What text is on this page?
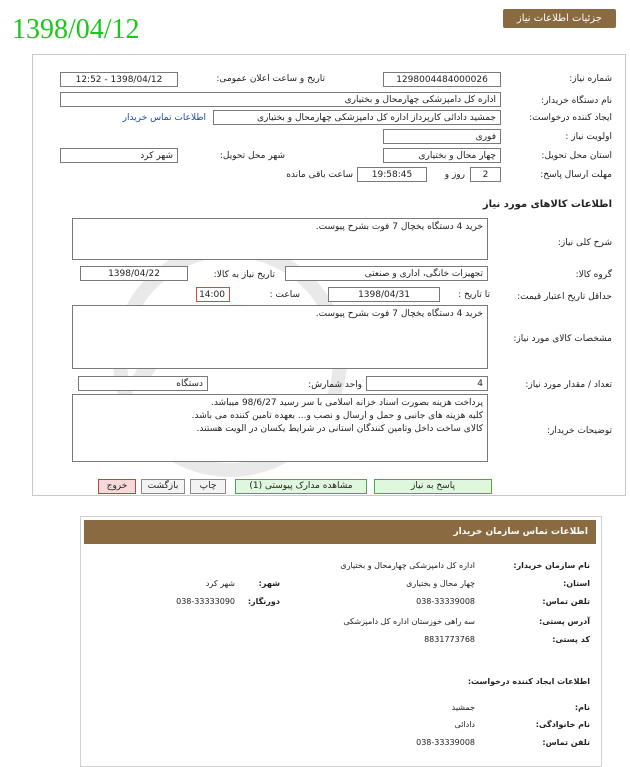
1398/04/12	جزئیات اطلاعات نیاز
شماره نیاز:
1298004484000026
تاریخ و ساعت اعلان عمومی:
1398/04/12 - 12:52
نام دستگاه خریدار:
اداره کل دامپزشکی چهارمحال و بختیاری
ایجاد کننده درخواست:
جمشید دادائی کارپرداز اداره کل دامپزشکی چهارمحال و بختیاری
اطلاعات تماس خریدار
اولویت نیاز :
فوری
استان محل تحویل:
چهار محال و بختیاری
شهر محل تحویل:
شهر کرد
مهلت ارسال پاسخ:
2
روز و
19:58:45
ساعت باقی مانده
اطلاعات کالاهای مورد نیاز
شرح کلی نیاز:
خرید 4 دستگاه یخچال 7 فوت بشرح پیوست.
گروه کالا:
تجهیزات خانگی، اداری و صنعتی
تاریخ نیاز به کالا:
1398/04/22
حداقل تاریخ اعتبار قیمت:
تا تاریخ :
1398/04/31
ساعت :
14:00
مشخصات کالای مورد نیاز:
خرید 4 دستگاه یخچال 7 فوت بشرح پیوست.
تعداد / مقدار مورد نیاز:
4
واحد شمارش:
دستگاه
توضیحات خریدار:
پرداخت هزینه بصورت اسناد خزانه اسلامی با سر رسید 98/6/27 میباشد.
کلیه هزینه های جانبی و حمل و ارسال و نصب و... بعهده تامین کننده می باشد.
کالای ساخت داخل وتامین کنندگان استانی در شرایط یکسان در الویت هستند.
پاسخ به نیاز
مشاهده مدارک پیوستی (1)
چاپ
بازگشت
خروج
اطلاعات تماس سازمان خریدار
نام سازمان خریدار:
اداره کل دامپزشکی چهارمحال و بختیاری
استان:
چهار محال و بختیاری
شهر:
شهر کرد
تلفن تماس:
038-33339008
دورنگار:
038-33333090
آدرس پستی:
سه راهی خوزستان اداره کل دامپزشکی
کد پستی:
8831773768
اطلاعات ایجاد کننده درخواست:
نام:
جمشید
نام خانوادگی:
دادائی
تلفن تماس:
038-33339008
